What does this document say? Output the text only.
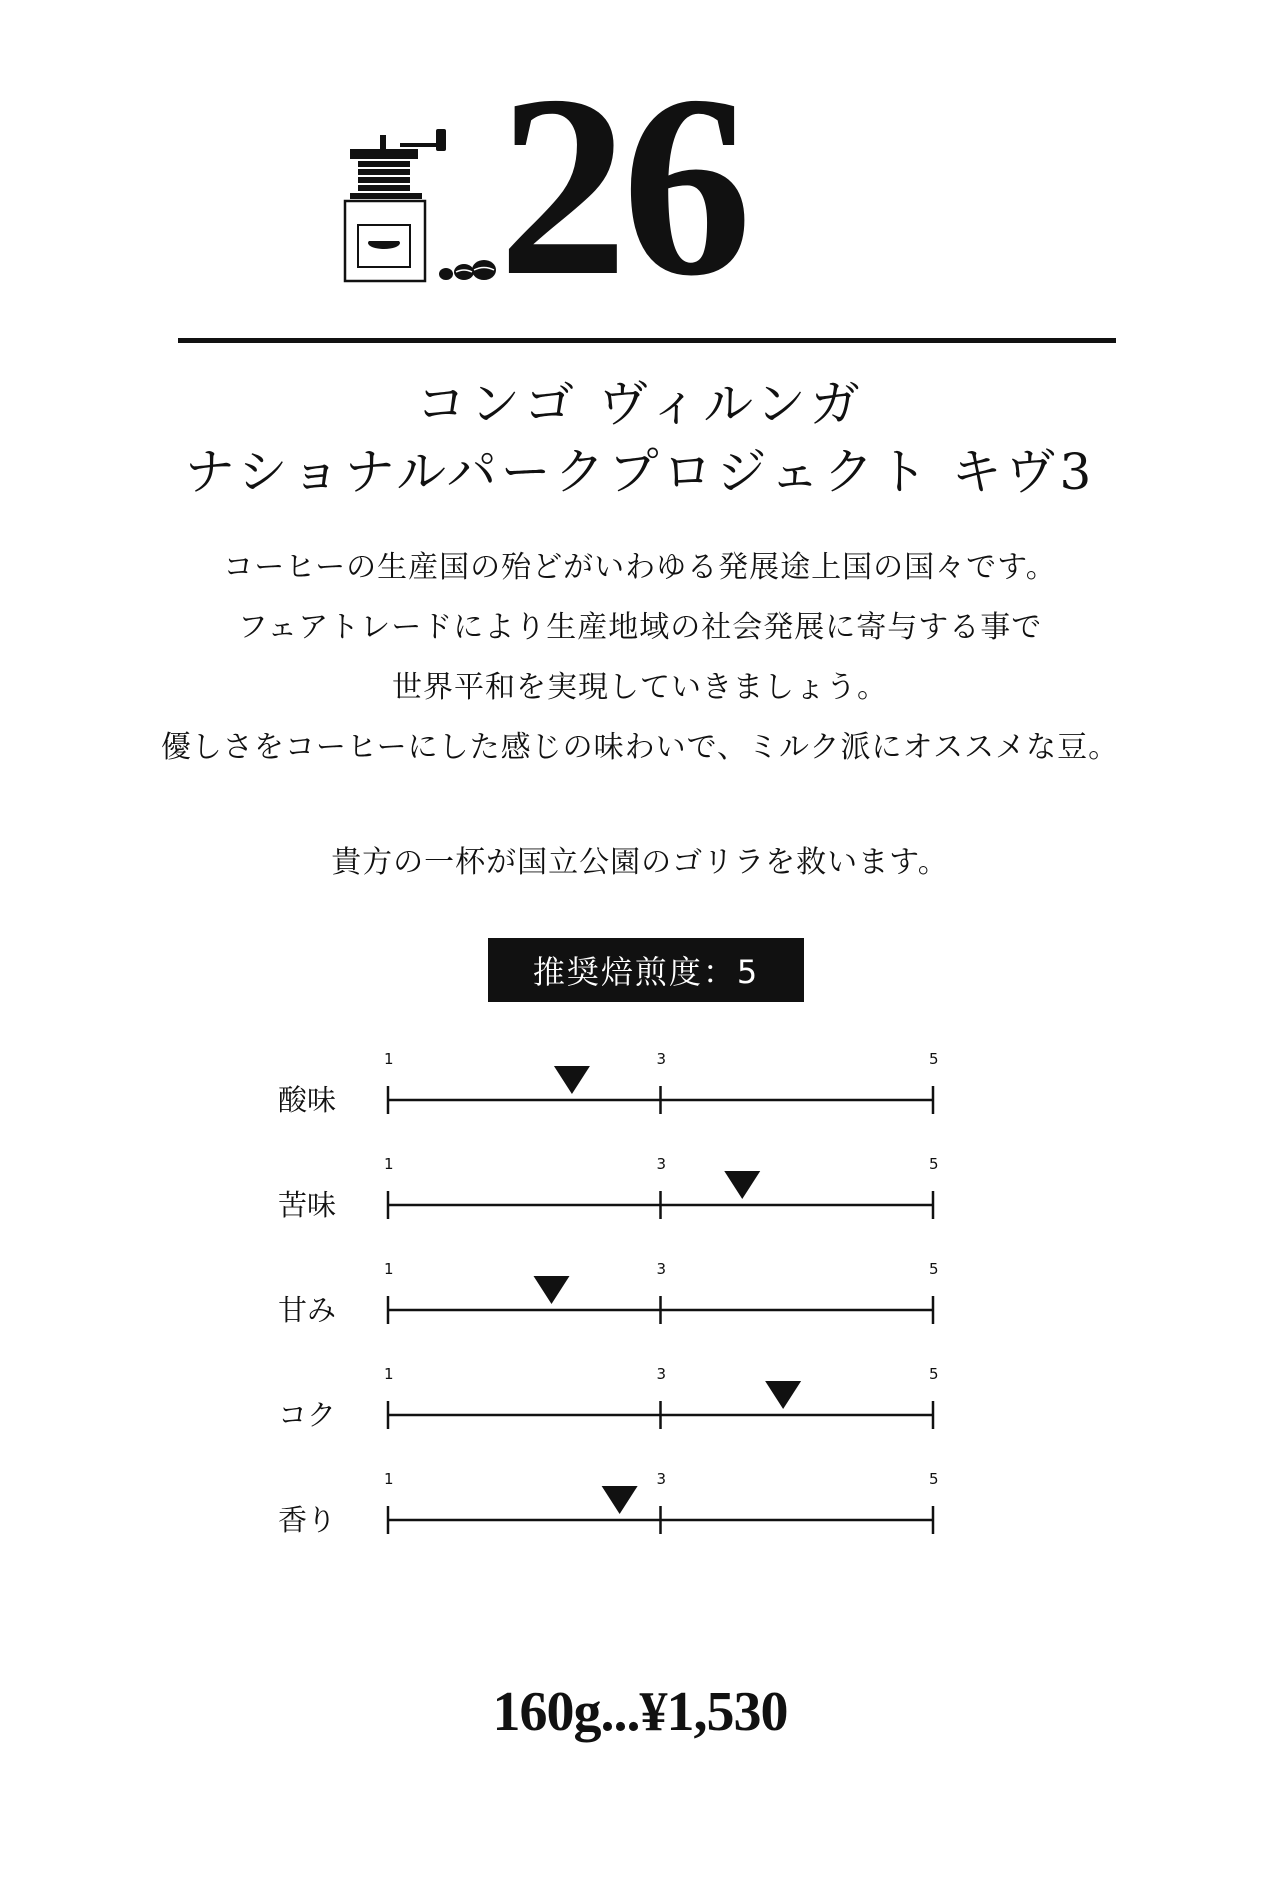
26
コンゴ ヴィルンガ
ナショナルパークプロジェクト キヴ3
コーヒーの生産国の殆どがいわゆる発展途上国の国々です。
フェアトレードにより生産地域の社会発展に寄与する事で
世界平和を実現していきましょう。
優しさをコーヒーにした感じの味わいで、ミルク派にオススメな豆。
貴方の一杯が国立公園のゴリラを救います。
推奨焙煎度：5
酸味
1	3	5
苦味
1	3	5
甘み
1	3	5
コク
1	3	5
香り
1	3	5
160g...¥1,530
